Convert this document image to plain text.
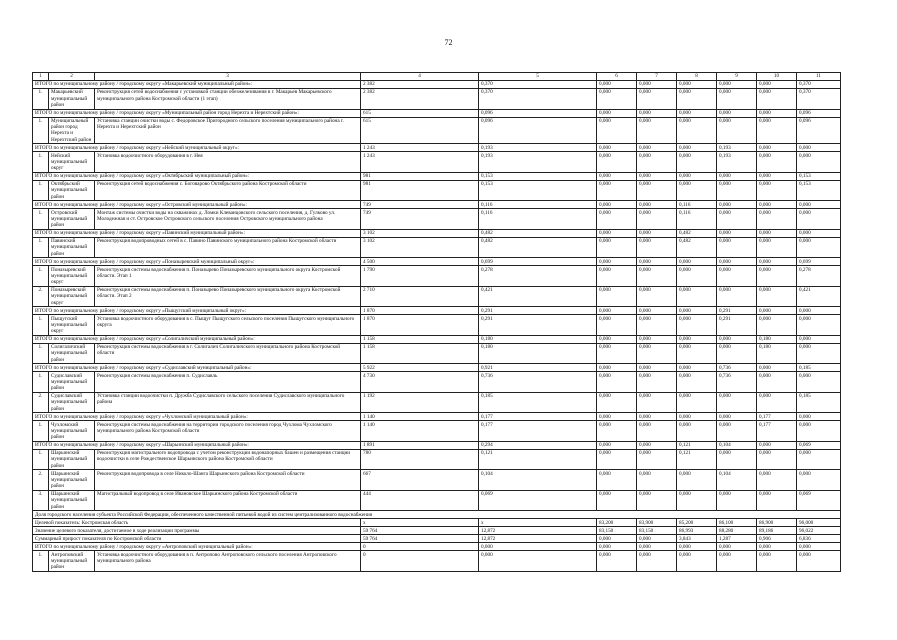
72
1	2	3	4	5	6	7	8	9	10	11
ИТОГО по муниципальному району / городскому округу «Макарьевский муниципальный район»:			2 382	0,370	0,000	0,000	0,000	0,000	0,000	0,370
1.	Макарьевский муниципальный район	Реконструкция сетей водоснабжения с установкой станции обезжелезивания в г. Макарьев Макарьевского муниципального района Костромской области (1 этап)	2 382	0,370	0,000	0,000	0,000	0,000	0,000	0,370
ИТОГО по муниципальному району / городскому округу «Муниципальный район город Нерехта и Нерехтский район»:			615	0,096	0,000	0,000	0,000	0,000	0,000	0,096
1.	Муниципальный район город Нерехта и Нерехтский район	Установка станции очистки воды с. Федоровское Пригородного сельского поселения муниципального района г. Нерехта и Нерехтский район	615	0,096	0,000	0,000	0,000	0,000	0,000	0,096
ИТОГО по муниципальному району / городскому округу «Нейский муниципальный округ»:			1 243	0,193	0,000	0,000	0,000	0,193	0,000	0,000
1.	Нейский муниципальный округ	Установка водоочистного оборудования в г. Нея	1 243	0,193	0,000	0,000	0,000	0,193	0,000	0,000
ИТОГО по муниципальному району / городскому округу «Октябрьский муниципальный район»:			981	0,153	0,000	0,000	0,000	0,000	0,000	0,153
1.	Октябрьский муниципальный район	Реконструкция сетей водоснабжения с. Боговарово Октябрьского района Костромской области	981	0,153	0,000	0,000	0,000	0,000	0,000	0,153
ИТОГО по муниципальному району / городскому округу «Островский муниципальный район»:			749	0,116	0,000	0,000	0,116	0,000	0,000	0,000
1.	Островский муниципальный район	Монтаж системы очистки воды на скважинах д. Ломки Клеванцовского сельского поселения, д. Гулково ул. Молодежная и ст. Островское Островского сельского поселения Островского муниципального района	749	0,116	0,000	0,000	0,116	0,000	0,000	0,000
ИТОГО по муниципальному району / городскому округу «Павинский муниципальный район»:			3 102	0,482	0,000	0,000	0,482	0,000	0,000	0,000
1.	Павинский муниципальный район	Реконструкция водопроводных сетей в с. Павино Павинского муниципального района Костромской области	3 102	0,482	0,000	0,000	0,482	0,000	0,000	0,000
ИТОГО по муниципальному району / городскому округу «Поназыревский муниципальный округ»:			4 500	0,699	0,000	0,000	0,000	0,000	0,000	0,699
1.	Поназыревский муниципальный округ	Реконструкция системы водоснабжения п. Поназырево Поназыревского муниципального округа Костромской области. Этап 1	1 790	0,278	0,000	0,000	0,000	0,000	0,000	0,278
2.	Поназыревский муниципальный округ	Реконструкция системы водоснабжения п. Поназырево Поназыревского муниципального округа Костромской области. Этап 2	2 710	0,421	0,000	0,000	0,000	0,000	0,000	0,421
ИТОГО по муниципальному району / городскому округу «Пыщугский муниципальный округ»:			1 870	0,291	0,000	0,000	0,000	0,291	0,000	0,000
1.	Пыщугский муниципальный округ	Установка водоочистного оборудования в с. Пыщуг Пыщугского сельского поселения Пыщугского муниципального округа	1 870	0,291	0,000	0,000	0,000	0,291	0,000	0,000
ИТОГО по муниципальному району / городскому округу «Солигаличский муниципальный район»:			1 158	0,180	0,000	0,000	0,000	0,000	0,180	0,000
1.	Солигаличский муниципальный район	Реконструкция системы водоснабжения в г. Солигалич Солигаличского муниципального района Костромской области	1 158	0,180	0,000	0,000	0,000	0,000	0,180	0,000
ИТОГО по муниципальному району / городскому округу «Судиславский муниципальный район»:			5 922	0,921	0,000	0,000	0,000	0,736	0,000	0,185
1.	Судиславский муниципальный район	Реконструкция системы водоснабжения п. Судиславль	4 730	0,736	0,000	0,000	0,000	0,736	0,000	0,000
2.	Судиславский муниципальный район	Установка станции водоочистки п. Дружба Судиславского сельского поселения Судиславского муниципального района	1 192	0,185	0,000	0,000	0,000	0,000	0,000	0,185
ИТОГО по муниципальному району / городскому округу «Чухломский муниципальный район»:			1 140	0,177	0,000	0,000	0,000	0,000	0,177	0,000
1.	Чухломский муниципальный район	Реконструкция системы водоснабжения на территории городского поселения город Чухлома Чухломского муниципального района Костромской области	1 140	0,177	0,000	0,000	0,000	0,000	0,177	0,000
ИТОГО по муниципальному району / городскому округу «Шарьинский муниципальный район»:			1 891	0,294	0,000	0,000	0,121	0,104	0,000	0,069
1.	Шарьинский муниципальный район	Реконструкция магистрального водопровода с учетом реконструкции водонапорных башен и размещения станции водоочистки в селе Рождественское Шарьинского района Костромской области	780	0,121	0,000	0,000	0,121	0,000	0,000	0,000
2.	Шарьинский муниципальный район	Реконструкция водопровода в селе Николо-Шанга Шарьинского района Костромской области	667	0,104	0,000	0,000	0,000	0,104	0,000	0,000
3.	Шарьинский муниципальный район	Магистральный водопровод в селе Ивановское Шарьинского района Костромской области	444	0,069	0,000	0,000	0,000	0,000	0,000	0,069
Доля городского населения субъекта Российской Федерации, обеспеченного качественной питьевой водой из систем централизованного водоснабжения										
Целевой показатель: Костромская область			x	x	83,200	83,900	85,200	86,100	86,900	96,000
Значение целевого показателя, достигаемое в ходе реализации программы			59 764	12,872	83,150	83,150	86,993	88,280	89,186	96,022
Суммарный прирост показателя по Костромской области			59 764	12,872	0,000	0,000	3,843	1,287	0,906	6,836
ИТОГО по муниципальному району / городскому округу «Антроповский муниципальный район»:			0	0,000	0,000	0,000	0,000	0,000	0,000	0,000
1.	Антроповский муниципальный район	Установка водоочистного оборудования в п. Антропово Антроповского сельского поселения Антроповского муниципального района	0	0,000	0,000	0,000	0,000	0,000	0,000	0,000
